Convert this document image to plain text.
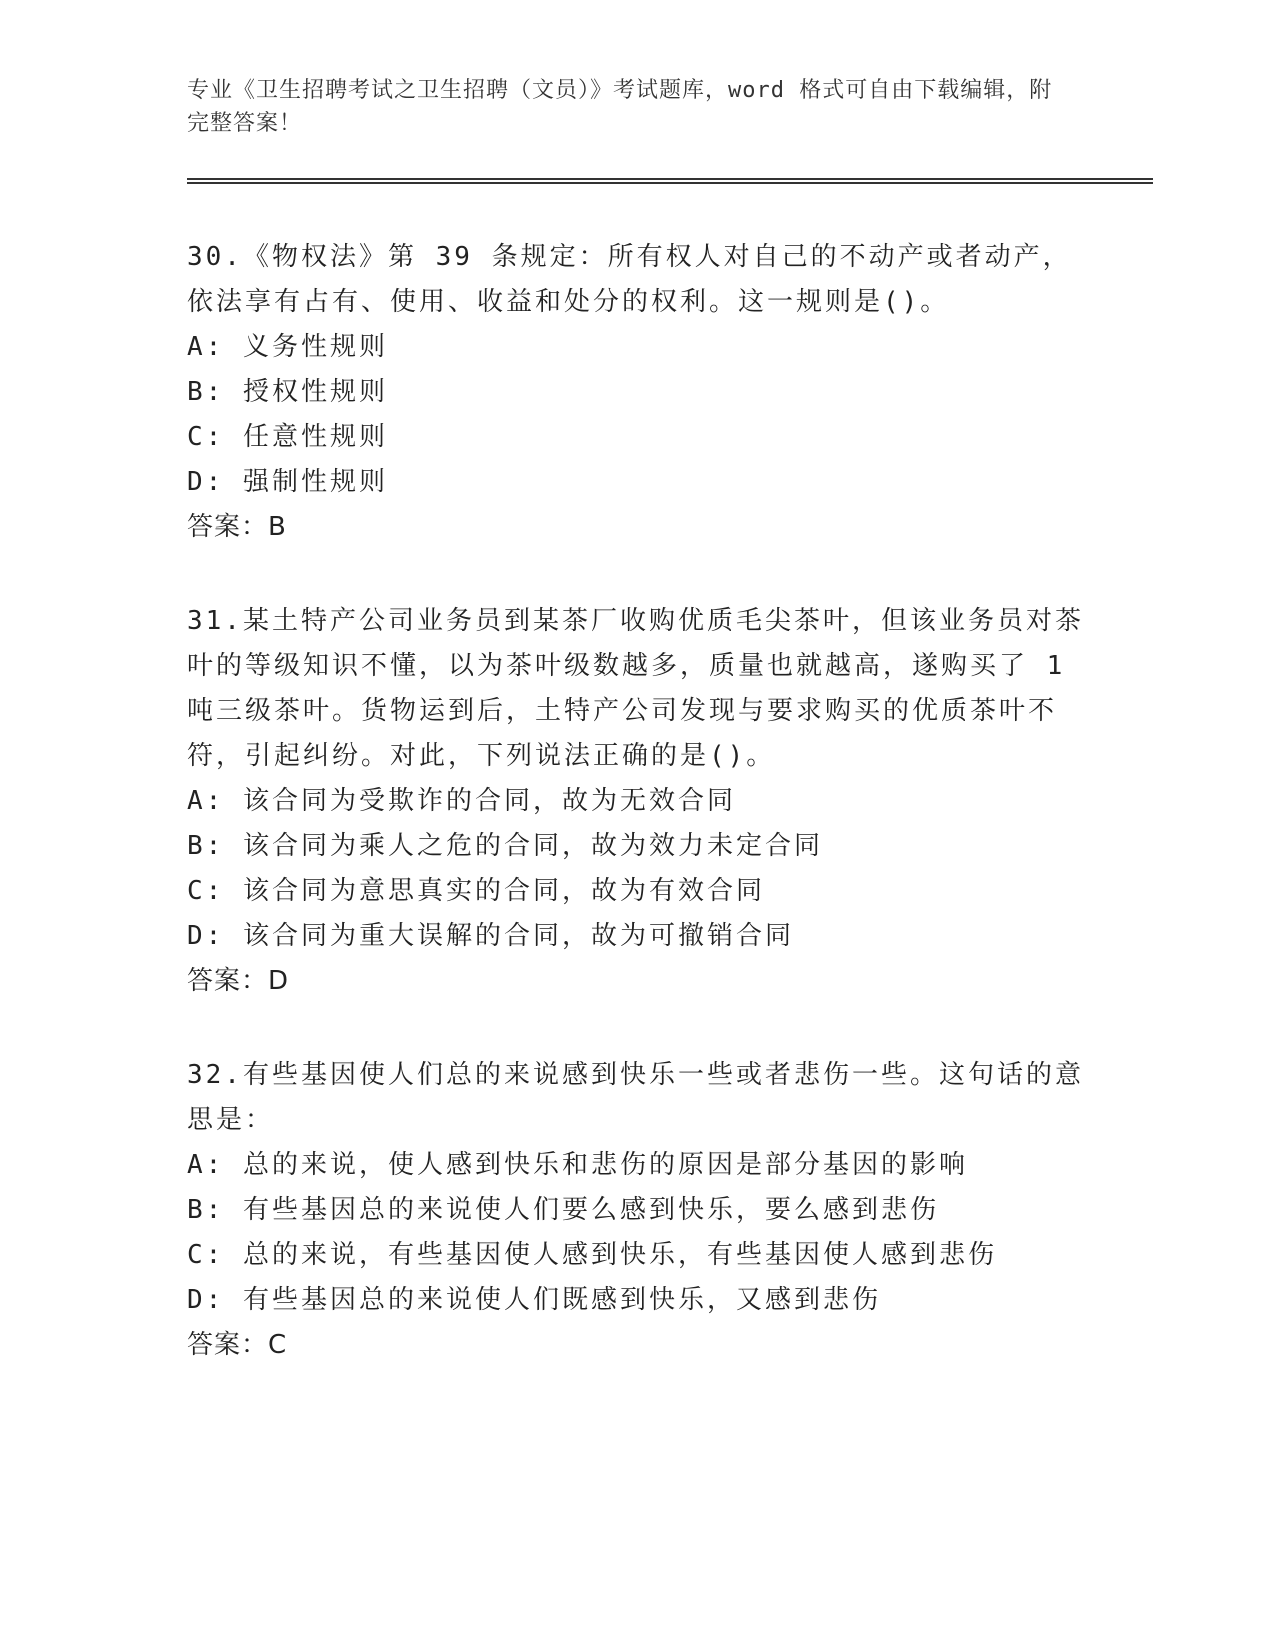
专业《卫生招聘考试之卫生招聘（文员）》考试题库，word 格式可自由下载编辑，附完整答案！

30.《物权法》第 39 条规定：所有权人对自己的不动产或者动产，依法享有占有、使用、收益和处分的权利。这一规则是()。

A: 义务性规则

B: 授权性规则

C: 任意性规则

D: 强制性规则

答案：B

31.某土特产公司业务员到某茶厂收购优质毛尖茶叶，但该业务员对茶叶的等级知识不懂，以为茶叶级数越多，质量也就越高，遂购买了 1 吨三级茶叶。货物运到后，土特产公司发现与要求购买的优质茶叶不符，引起纠纷。对此，下列说法正确的是()。

A: 该合同为受欺诈的合同，故为无效合同

B: 该合同为乘人之危的合同，故为效力未定合同

C: 该合同为意思真实的合同，故为有效合同

D: 该合同为重大误解的合同，故为可撤销合同

答案：D

32.有些基因使人们总的来说感到快乐一些或者悲伤一些。这句话的意思是：

A: 总的来说，使人感到快乐和悲伤的原因是部分基因的影响

B: 有些基因总的来说使人们要么感到快乐，要么感到悲伤

C: 总的来说，有些基因使人感到快乐，有些基因使人感到悲伤

D: 有些基因总的来说使人们既感到快乐，又感到悲伤

答案：C
